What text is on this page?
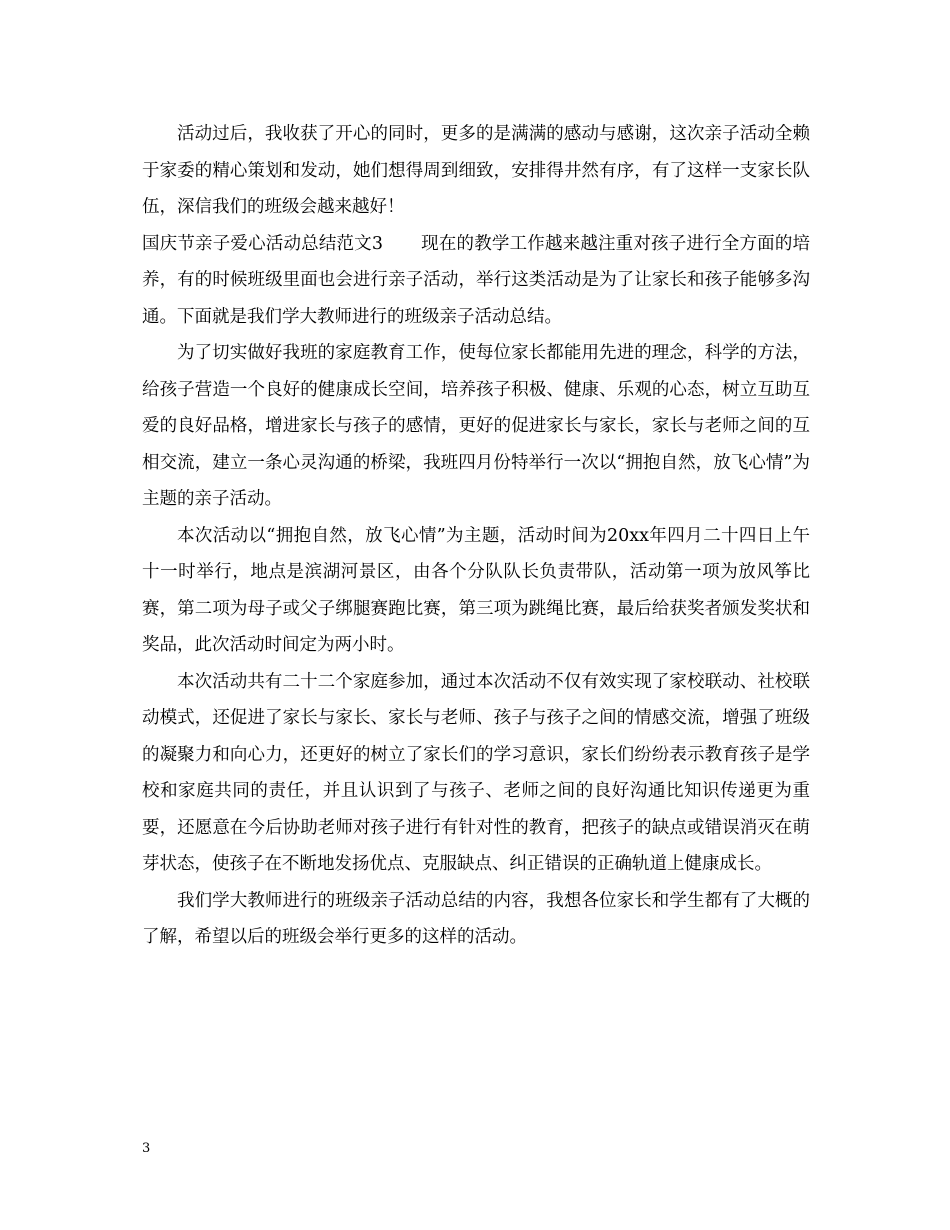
活动过后，我收获了开心的同时，更多的是满满的感动与感谢，这次亲子活动全赖于家委的精心策划和发动，她们想得周到细致，安排得井然有序，有了这样一支家长队伍，深信我们的班级会越来越好！

国庆节亲子爱心活动总结范文3 现在的教学工作越来越注重对孩子进行全方面的培养，有的时候班级里面也会进行亲子活动，举行这类活动是为了让家长和孩子能够多沟通。下面就是我们学大教师进行的班级亲子活动总结。

为了切实做好我班的家庭教育工作，使每位家长都能用先进的理念，科学的方法，给孩子营造一个良好的健康成长空间，培养孩子积极、健康、乐观的心态，树立互助互爱的良好品格，增进家长与孩子的感情，更好的促进家长与家长，家长与老师之间的互相交流，建立一条心灵沟通的桥梁，我班四月份特举行一次以“拥抱自然，放飞心情”为主题的亲子活动。

本次活动以“拥抱自然，放飞心情”为主题，活动时间为20xx年四月二十四日上午十一时举行，地点是滨湖河景区，由各个分队队长负责带队，活动第一项为放风筝比赛，第二项为母子或父子绑腿赛跑比赛，第三项为跳绳比赛，最后给获奖者颁发奖状和奖品，此次活动时间定为两小时。

本次活动共有二十二个家庭参加，通过本次活动不仅有效实现了家校联动、社校联动模式，还促进了家长与家长、家长与老师、孩子与孩子之间的情感交流，增强了班级的凝聚力和向心力，还更好的树立了家长们的学习意识，家长们纷纷表示教育孩子是学校和家庭共同的责任，并且认识到了与孩子、老师之间的良好沟通比知识传递更为重要，还愿意在今后协助老师对孩子进行有针对性的教育，把孩子的缺点或错误消灭在萌芽状态，使孩子在不断地发扬优点、克服缺点、纠正错误的正确轨道上健康成长。

我们学大教师进行的班级亲子活动总结的内容，我想各位家长和学生都有了大概的了解，希望以后的班级会举行更多的这样的活动。

3
